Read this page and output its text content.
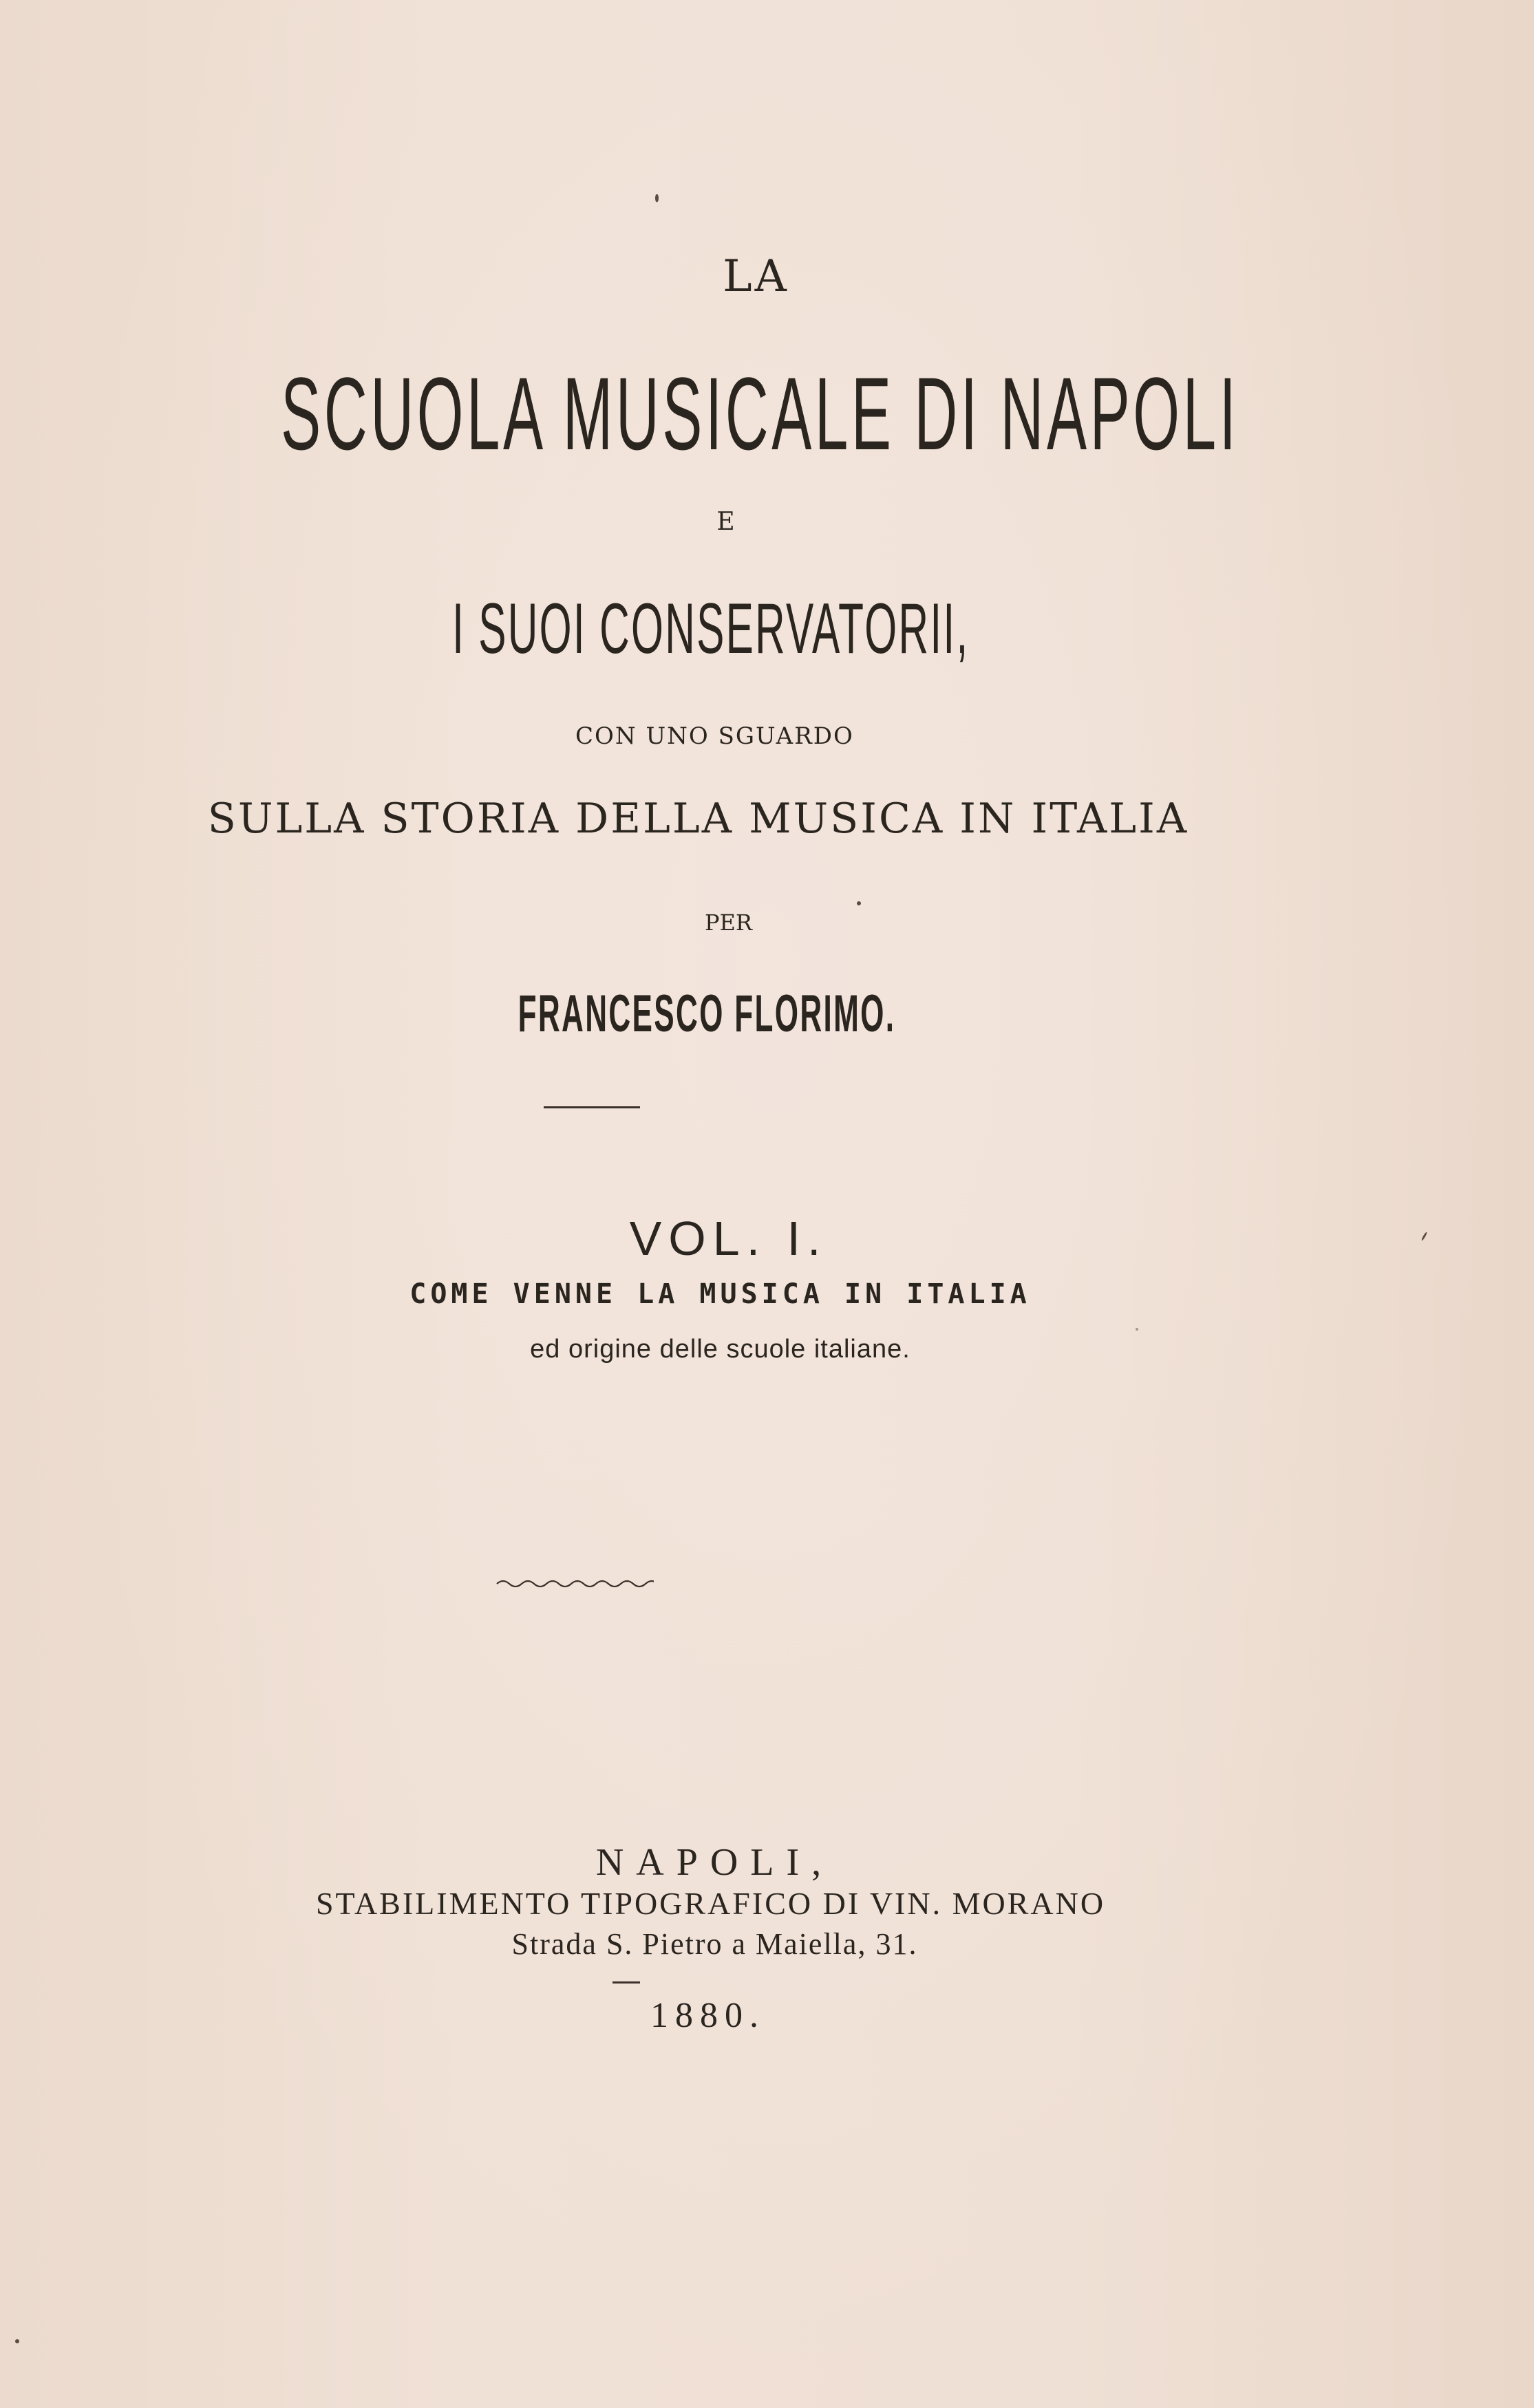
LA
SCUOLA MUSICALE DI NAPOLI
E
I SUOI CONSERVATORII,
CON UNO SGUARDO
SULLA STORIA DELLA MUSICA IN ITALIA
PER
FRANCESCO FLORIMO.
VOL. I.
COME VENNE LA MUSICA IN ITALIA
ed origine delle scuole italiane.
NAPOLI,
STABILIMENTO TIPOGRAFICO DI VIN. MORANO
Strada S. Pietro a Maiella, 31.
1880.
